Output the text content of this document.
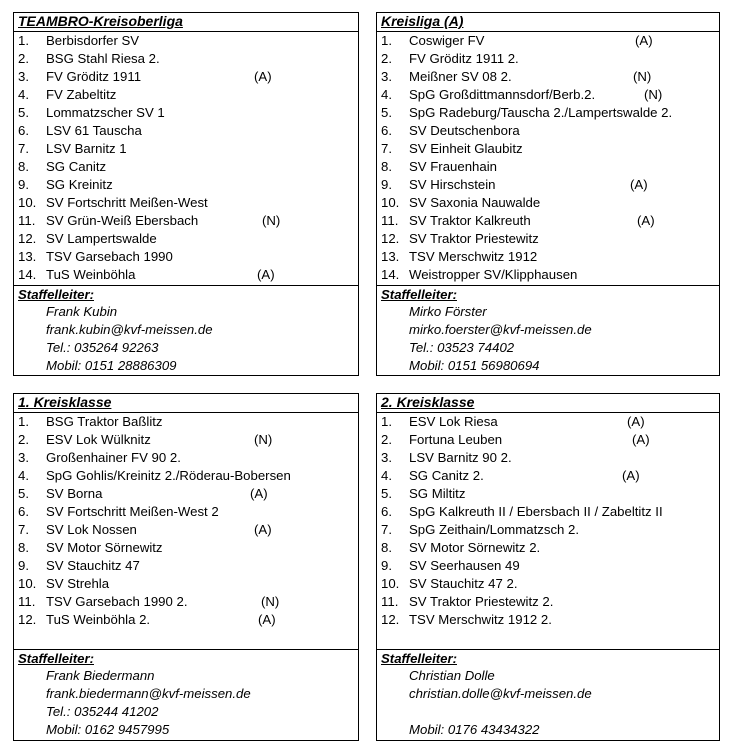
TEAMBRO-Kreisoberliga
1. Berbisdorfer SV
2. BSG Stahl Riesa 2.
3. FV Gröditz 1911	(A)
4. FV Zabeltitz
5. Lommatzscher SV 1
6. LSV 61 Tauscha
7. LSV Barnitz 1
8. SG Canitz
9. SG Kreinitz
10. SV Fortschritt Meißen-West
11. SV Grün-Weiß Ebersbach	(N)
12. SV Lampertswalde
13. TSV Garsebach 1990
14. TuS Weinböhla	(A)
Staffelleiter:
Frank Kubin
frank.kubin@kvf-meissen.de
Tel.: 035264 92263
Mobil: 0151 28886309
Kreisliga (A)
1. Coswiger FV	(A)
2. FV Gröditz 1911 2.
3. Meißner SV 08 2.	(N)
4. SpG Großdittmannsdorf/Berb.2.	(N)
5. SpG Radeburg/Tauscha 2./Lampertswalde 2.
6. SV Deutschenbora
7. SV Einheit Glaubitz
8. SV Frauenhain
9. SV Hirschstein	(A)
10. SV Saxonia Nauwalde
11. SV Traktor Kalkreuth	(A)
12. SV Traktor Priestewitz
13. TSV Merschwitz 1912
14. Weistropper SV/Klipphausen
Staffelleiter:
Mirko Förster
mirko.foerster@kvf-meissen.de
Tel.: 03523 74402
Mobil: 0151 56980694
1. Kreisklasse
1. BSG Traktor Baßlitz
2. ESV Lok Wülknitz	(N)
3. Großenhainer FV 90 2.
4. SpG Gohlis/Kreinitz 2./Röderau-Bobersen
5. SV Borna	(A)
6. SV Fortschritt Meißen-West 2
7. SV Lok Nossen	(A)
8. SV Motor Sörnewitz
9. SV Stauchitz 47
10. SV Strehla
11. TSV Garsebach 1990 2.	(N)
12. TuS Weinböhla 2.	(A)
Staffelleiter:
Frank Biedermann
frank.biedermann@kvf-meissen.de
Tel.: 035244 41202
Mobil: 0162 9457995
2. Kreisklasse
1. ESV Lok Riesa	(A)
2. Fortuna Leuben	(A)
3. LSV Barnitz 90 2.
4. SG Canitz 2.	(A)
5. SG Miltitz
6. SpG Kalkreuth II / Ebersbach II / Zabeltitz II
7. SpG Zeithain/Lommatzsch 2.
8. SV Motor Sörnewitz 2.
9. SV Seerhausen 49
10. SV Stauchitz 47 2.
11. SV Traktor Priestewitz 2.
12. TSV Merschwitz 1912 2.
Staffelleiter:
Christian Dolle
christian.dolle@kvf-meissen.de
Mobil: 0176 43434322
